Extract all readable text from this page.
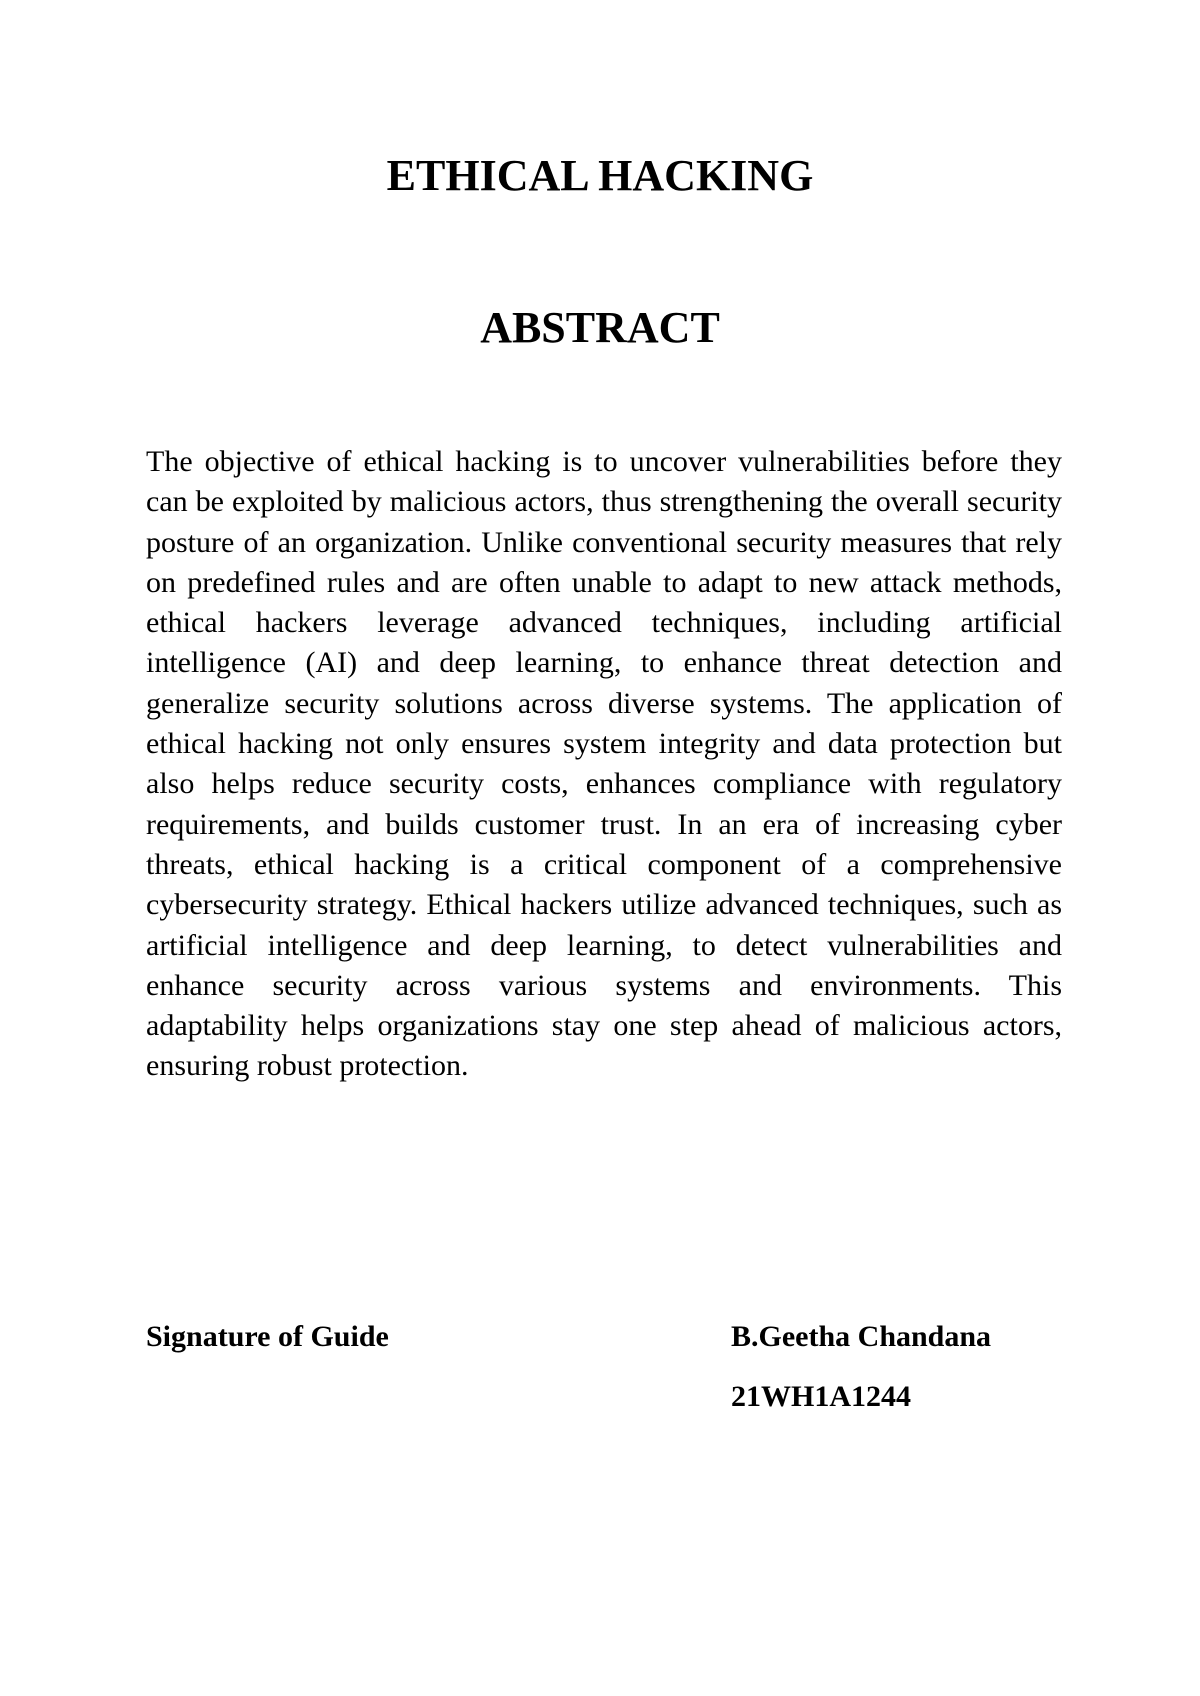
ETHICAL HACKING
ABSTRACT

The objective of ethical hacking is to uncover vulnerabilities before they can be exploited by malicious actors, thus strengthening the overall security posture of an organization. Unlike conventional security measures that rely on predefined rules and are often unable to adapt to new attack methods, ethical hackers leverage advanced techniques, including artificial intelligence (AI) and deep learning, to enhance threat detection and generalize security solutions across diverse systems. The application of ethical hacking not only ensures system integrity and data protection but also helps reduce security costs, enhances compliance with regulatory requirements, and builds customer trust. In an era of increasing cyber threats, ethical hacking is a critical component of a comprehensive cybersecurity strategy. Ethical hackers utilize advanced techniques, such as artificial intelligence and deep learning, to detect vulnerabilities and enhance security across various systems and environments. This adaptability helps organizations stay one step ahead of malicious actors, ensuring robust protection.

Signature of Guide	B.Geetha Chandana
21WH1A1244
